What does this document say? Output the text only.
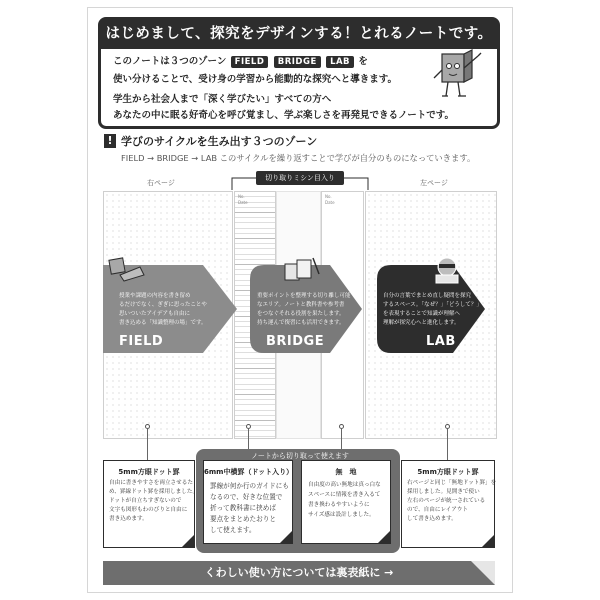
はじめまして、探究をデザインする！とれるノートです。
このノートは３つのゾーン FIELD BRIDGE LAB を
使い分けることで、受け身の学習から能動的な探究へと導きます。
学生から社会人まで「深く学びたい」すべての方へ
あなたの中に眠る好奇心を呼び覚まし、学ぶ楽しさを再発見できるノートです。
! 学びのサイクルを生み出す３つのゾーン
FIELD → BRIDGE → LAB このサイクルを繰り返すことで学びが自分のものになっていきます。
右ページ	左ページ
切り取りミシン目入り
No.
Date
No.
Date
授業や課題の内容を書き留め
るだけでなく、ぎぎに思ったことや
思いついたアイデアも自由に
書き込める「知識整理の場」です。
FIELD
重要ポイントを整理する切り離し可能
なエリア。ノートと教科書や参考書
をつなぐそれる役割を果たします。
持ち運んで復習にも活用できます。
BRIDGE
自分の言葉でまとめ直し疑問を探究
するスペース。「なぜ？」「どうして？」
を表現することで知識が理解へ
理解が探究心へと進化します。
LAB
ノートから切り取って使えます
5mm方眼ドット罫
自由に書きやすさを両立させるた
め、罫線ドット罫を採用しました。
ドットが自立ちすぎないので
文字も図形もわのびりと自由に
書き込めます。
6mm中横罫（ドット入り）
罫線が何か行のガイドにも
なるので、好きな位置で
折って教科書に挟めば
要点をまとめたおりと
して使えます。
無　地
自由度の高い無地は真っ白な
スペースに情報を書き入るて
書き換わるやすいように
サイズ感は設計しました。
5mm方眼ドット罫
右ページと同じ「無地ドット罫」を
採用しました。見開きで使い
左右のページが統一されている
ので、自由にレイアウト
して書き込めます。
くわしい使い方については裏表紙に →
